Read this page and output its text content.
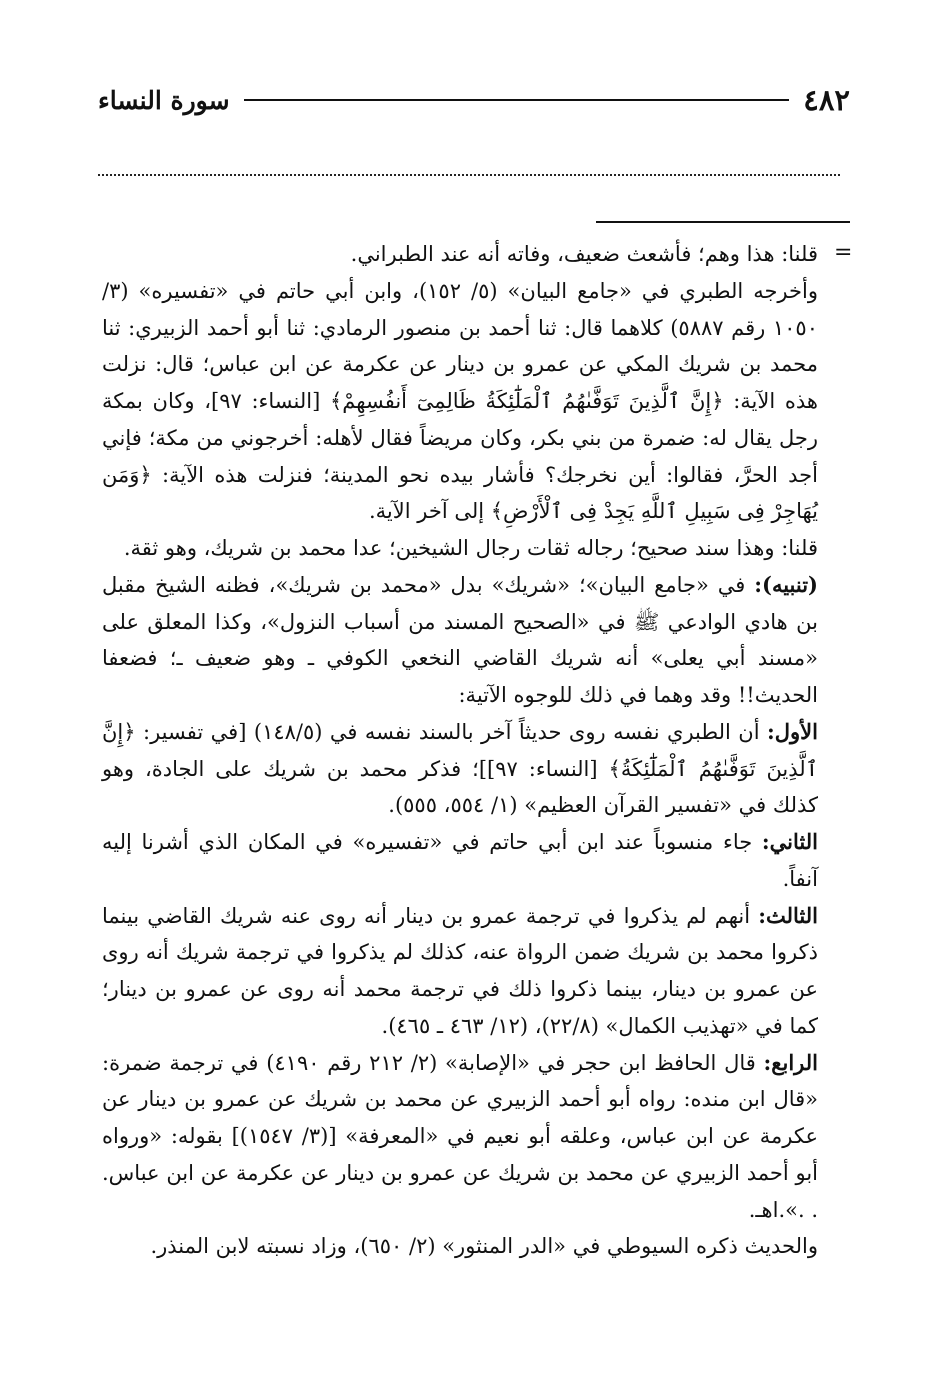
٤٨٢
سورة النساء
=

قلنا: هذا وهم؛ فأشعث ضعيف، وفاته أنه عند الطبراني.

وأخرجه الطبري في «جامع البيان» (٥/ ١٥٢)، وابن أبي حاتم في «تفسيره» (٣/ ١٠٥٠ رقم ٥٨٨٧) كلاهما قال: ثنا أحمد بن منصور الرمادي: ثنا أبو أحمد الزبيري: ثنا محمد بن شريك المكي عن عمرو بن دينار عن عكرمة عن ابن عباس؛ قال: نزلت هذه الآية: ﴿إِنَّ ٱلَّذِينَ تَوَفَّىٰهُمُ ٱلْمَلَٰٓئِكَةُ ظَالِمِىٓ أَنفُسِهِمْ﴾ [النساء: ٩٧]، وكان بمكة رجل يقال له: ضمرة من بني بكر، وكان مريضاً فقال لأهله: أخرجوني من مكة؛ فإني أجد الحرَّ، فقالوا: أين نخرجك؟ فأشار بيده نحو المدينة؛ فنزلت هذه الآية: ﴿وَمَن يُهَاجِرْ فِى سَبِيلِ ٱللَّهِ يَجِدْ فِى ٱلْأَرْضِ﴾ إلى آخر الآية.

قلنا: وهذا سند صحيح؛ رجاله ثقات رجال الشيخين؛ عدا محمد بن شريك، وهو ثقة.

(تنبيه): في «جامع البيان»؛ «شريك» بدل «محمد بن شريك»، فظنه الشيخ مقبل بن هادي الوادعي ﷺ في «الصحيح المسند من أسباب النزول»، وكذا المعلق على «مسند أبي يعلى» أنه شريك القاضي النخعي الكوفي ـ وهو ضعيف ـ؛ فضعفا الحديث!! وقد وهما في ذلك للوجوه الآتية:

الأول: أن الطبري نفسه روى حديثاً آخر بالسند نفسه في (١٤٨/٥) [في تفسير: ﴿إِنَّ ٱلَّذِينَ تَوَفَّىٰهُمُ ٱلْمَلَٰٓئِكَةُ﴾ [النساء: ٩٧]]؛ فذكر محمد بن شريك على الجادة، وهو كذلك في «تفسير القرآن العظيم» (١/ ٥٥٤، ٥٥٥).

الثاني: جاء منسوباً عند ابن أبي حاتم في «تفسيره» في المكان الذي أشرنا إليه آنفاً.

الثالث: أنهم لم يذكروا في ترجمة عمرو بن دينار أنه روى عنه شريك القاضي بينما ذكروا محمد بن شريك ضمن الرواة عنه، كذلك لم يذكروا في ترجمة شريك أنه روى عن عمرو بن دينار، بينما ذكروا ذلك في ترجمة محمد أنه روى عن عمرو بن دينار؛ كما في «تهذيب الكمال» (٢٢/٨)، (١٢/ ٤٦٣ ـ ٤٦٥).

الرابع: قال الحافظ ابن حجر في «الإصابة» (٢/ ٢١٢ رقم ٤١٩٠) في ترجمة ضمرة: «قال ابن منده: رواه أبو أحمد الزبيري عن محمد بن شريك عن عمرو بن دينار عن عكرمة عن ابن عباس، وعلقه أبو نعيم في «المعرفة» [(٣/ ١٥٤٧)] بقوله: «ورواه أبو أحمد الزبيري عن محمد بن شريك عن عمرو بن دينار عن عكرمة عن ابن عباس. . .».اهـ.

والحديث ذكره السيوطي في «الدر المنثور» (٢/ ٦٥٠)، وزاد نسبته لابن المنذر.
